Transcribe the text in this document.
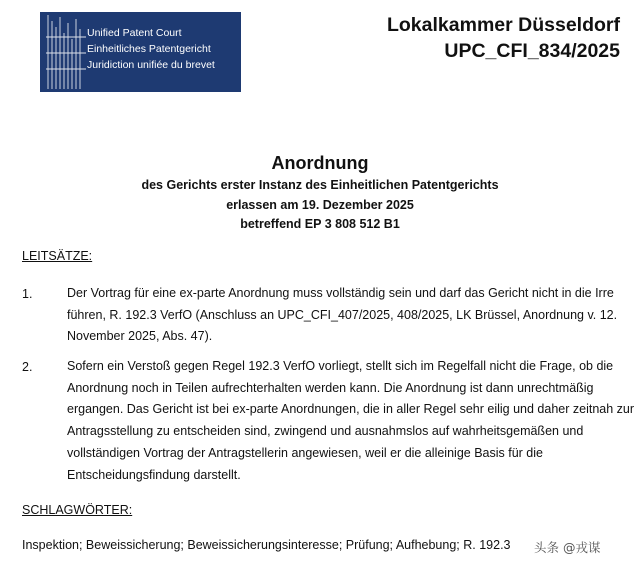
Unified Patent Court
Einheitliches Patentgericht
Juridiction unifiée du brevet
Lokalkammer Düsseldorf
UPC_CFI_834/2025
Anordnung
des Gerichts erster Instanz des Einheitlichen Patentgerichts
erlassen am 19. Dezember 2025
betreffend EP 3 808 512 B1
LEITSÄTZE:
1.	Der Vortrag für eine ex-parte Anordnung muss vollständig sein und darf das Gericht nicht in die Irre führen, R. 192.3 VerfO (Anschluss an UPC_CFI_407/2025, 408/2025, LK Brüssel, Anordnung v. 12. November 2025, Abs. 47).
2.	Sofern ein Verstoß gegen Regel 192.3 VerfO vorliegt, stellt sich im Regelfall nicht die Frage, ob die Anordnung noch in Teilen aufrechterhalten werden kann. Die Anordnung ist dann unrechtmäßig ergangen. Das Gericht ist bei ex-parte Anordnungen, die in aller Regel sehr eilig und daher zeitnah zur Antragsstellung zu entscheiden sind, zwingend und ausnahmslos auf wahrheitsgemäßen und vollständigen Vortrag der Antragstellerin angewiesen, weil er die alleinige Basis für die Entscheidungsfindung darstellt.
SCHLAGWÖRTER:
Inspektion; Beweissicherung; Beweissicherungsinteresse; Prüfung; Aufhebung; R. 192.3	头条 @戎谋
